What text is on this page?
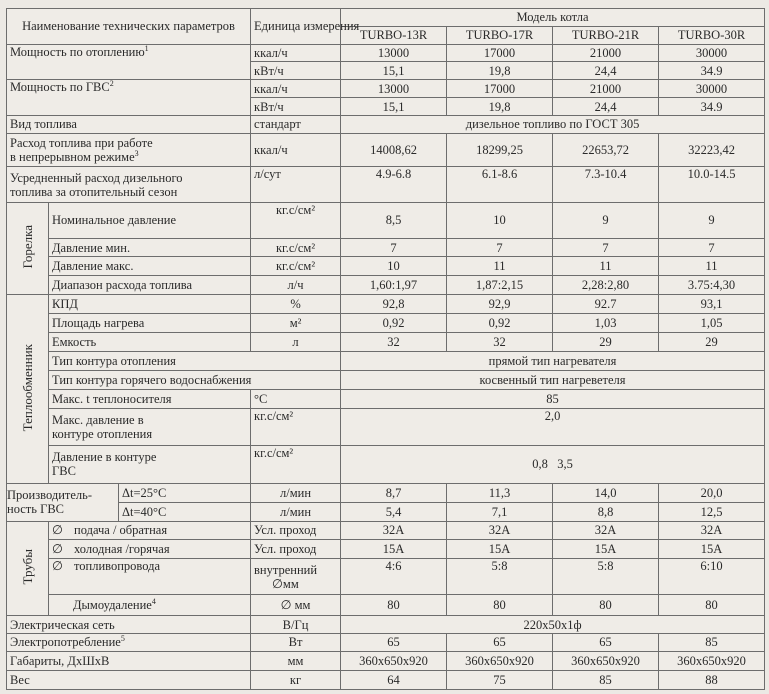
Наименование технических параметров			Единица измерения	Модель котла			
				TURBO-13R	TURBO-17R	TURBO-21R	TURBO-30R
Мощность по отоплению$^1$			ккал/ч	13000	17000	21000	30000
			кВт/ч	15,1	19,8	24,4	34.9
Мощность по ГВС$^2$			ккал/ч	13000	17000	21000	30000
			кВт/ч	15,1	19,8	24,4	34.9
Вид топлива			стандарт	дизельное топливо по ГОСТ 305			
Расход топлива при работе
в непрерывном режиме$^3$			ккал/ч	14008,62	18299,25	22653,72	32223,42
Усредненный расход дизельного
топлива за отопительный сезон			л/сут	4.9-6.8	6.1-8.6	7.3-10.4	10.0-14.5
Горелка	Номинальное давление		кг.с/см²	8,5	10	9	9
	Давление мин.		кг.с/см²	7	7	7	7
	Давление макс.		кг.с/см²	10	11	11	11
	Диапазон расхода топлива		л/ч	1,60:1,97	1,87:2,15	2,28:2,80	3.75:4,30
Теплообменник	КПД		%	92,8	92,9	92.7	93,1
	Площадь нагрева		м²	0,92	0,92	1,03	1,05
	Емкость		л	32	32	29	29
	Тип контура отопления			прямой тип нагревателя			
	Тип контура горячего водоснабжения			косвенный тип нагреветеля			
	Макс. t теплоносителя		°С	85			
	Макс. давление в
контуре отопления		кг.с/см²	2,0			
	Давление в контуре
ГВС		кг.с/см²	0,8   3,5			
Производитель-
ность ГВС		Δt=25°С	л/мин	8,7	11,3	14,0	20,0
		Δt=40°С	л/мин	5,4	7,1	8,8	12,5
Трубы	∅ подача / обратная		Усл. проход	32A	32A	32A	32A
	∅ холодная /горячая		Усл. проход	15A	15A	15A	15A
	∅ топливопровода		внутренний
∅мм	4:6	5:8	5:8	6:10
	Дымоудаление$^4$		∅ мм	80	80	80	80
Электрическая сеть			В/Гц	220x50x1ф			
Электропотребление$^5$			Вт	65	65	65	85
Габариты, ДхШхВ			мм	360x650x920	360x650x920	360x650x920	360x650x920
Вес			кг	64	75	85	88
